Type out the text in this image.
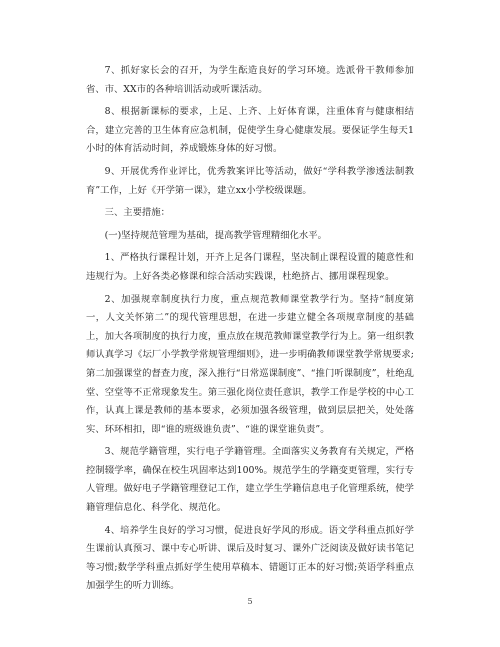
7、抓好家长会的召开，为学生酝造良好的学习环境。选派骨干教师参加省、市、XX市的各种培训活动或听课活动。

8、根据新课标的要求，上足、上齐、上好体育课，注重体育与健康相结合，建立完善的卫生体育应急机制，促使学生身心健康发展。要保证学生每天1小时的体育活动时间，养成锻炼身体的好习惯。

9、开展优秀作业评比，优秀教案评比等活动，做好“学科教学渗透法制教育”工作，上好《开学第一课》，建立xx小学校级课题。

三、主要措施：

(一)坚持规范管理为基础，提高教学管理精细化水平。

1、严格执行课程计划，开齐上足各门课程，坚决制止课程设置的随意性和违规行为。上好各类必修课和综合活动实践课，杜绝挤占、挪用课程现象。

2、加强规章制度执行力度，重点规范教师课堂教学行为。坚持“制度第一，人文关怀第二”的现代管理思想，在进一步建立健全各项规章制度的基础上，加大各项制度的执行力度，重点放在规范教师课堂教学行为上。第一组织教师认真学习《坛厂小学教学常规管理细则》，进一步明确教师课堂教学常规要求;第二加强课堂的督查力度，深入推行“日常巡课制度”、“推门听课制度”，杜绝乱堂、空堂等不正常现象发生。第三强化岗位责任意识，教学工作是学校的中心工作，认真上课是教师的基本要求，必须加强各级管理，做到层层把关，处处落实、环环相扣，即“谁的班级谁负责”、“谁的课堂谁负责”。

3、规范学籍管理，实行电子学籍管理。全面落实义务教育有关规定，严格控制辍学率，确保在校生巩固率达到100%。规范学生的学籍变更管理，实行专人管理。做好电子学籍管理登记工作，建立学生学籍信息电子化管理系统，使学籍管理信息化、科学化、规范化。

4、培养学生良好的学习习惯，促进良好学风的形成。语文学科重点抓好学生课前认真预习、课中专心听讲、课后及时复习、课外广泛阅读及做好读书笔记等习惯;数学学科重点抓好学生使用草稿本、错题订正本的好习惯;英语学科重点加强学生的听力训练。

5
